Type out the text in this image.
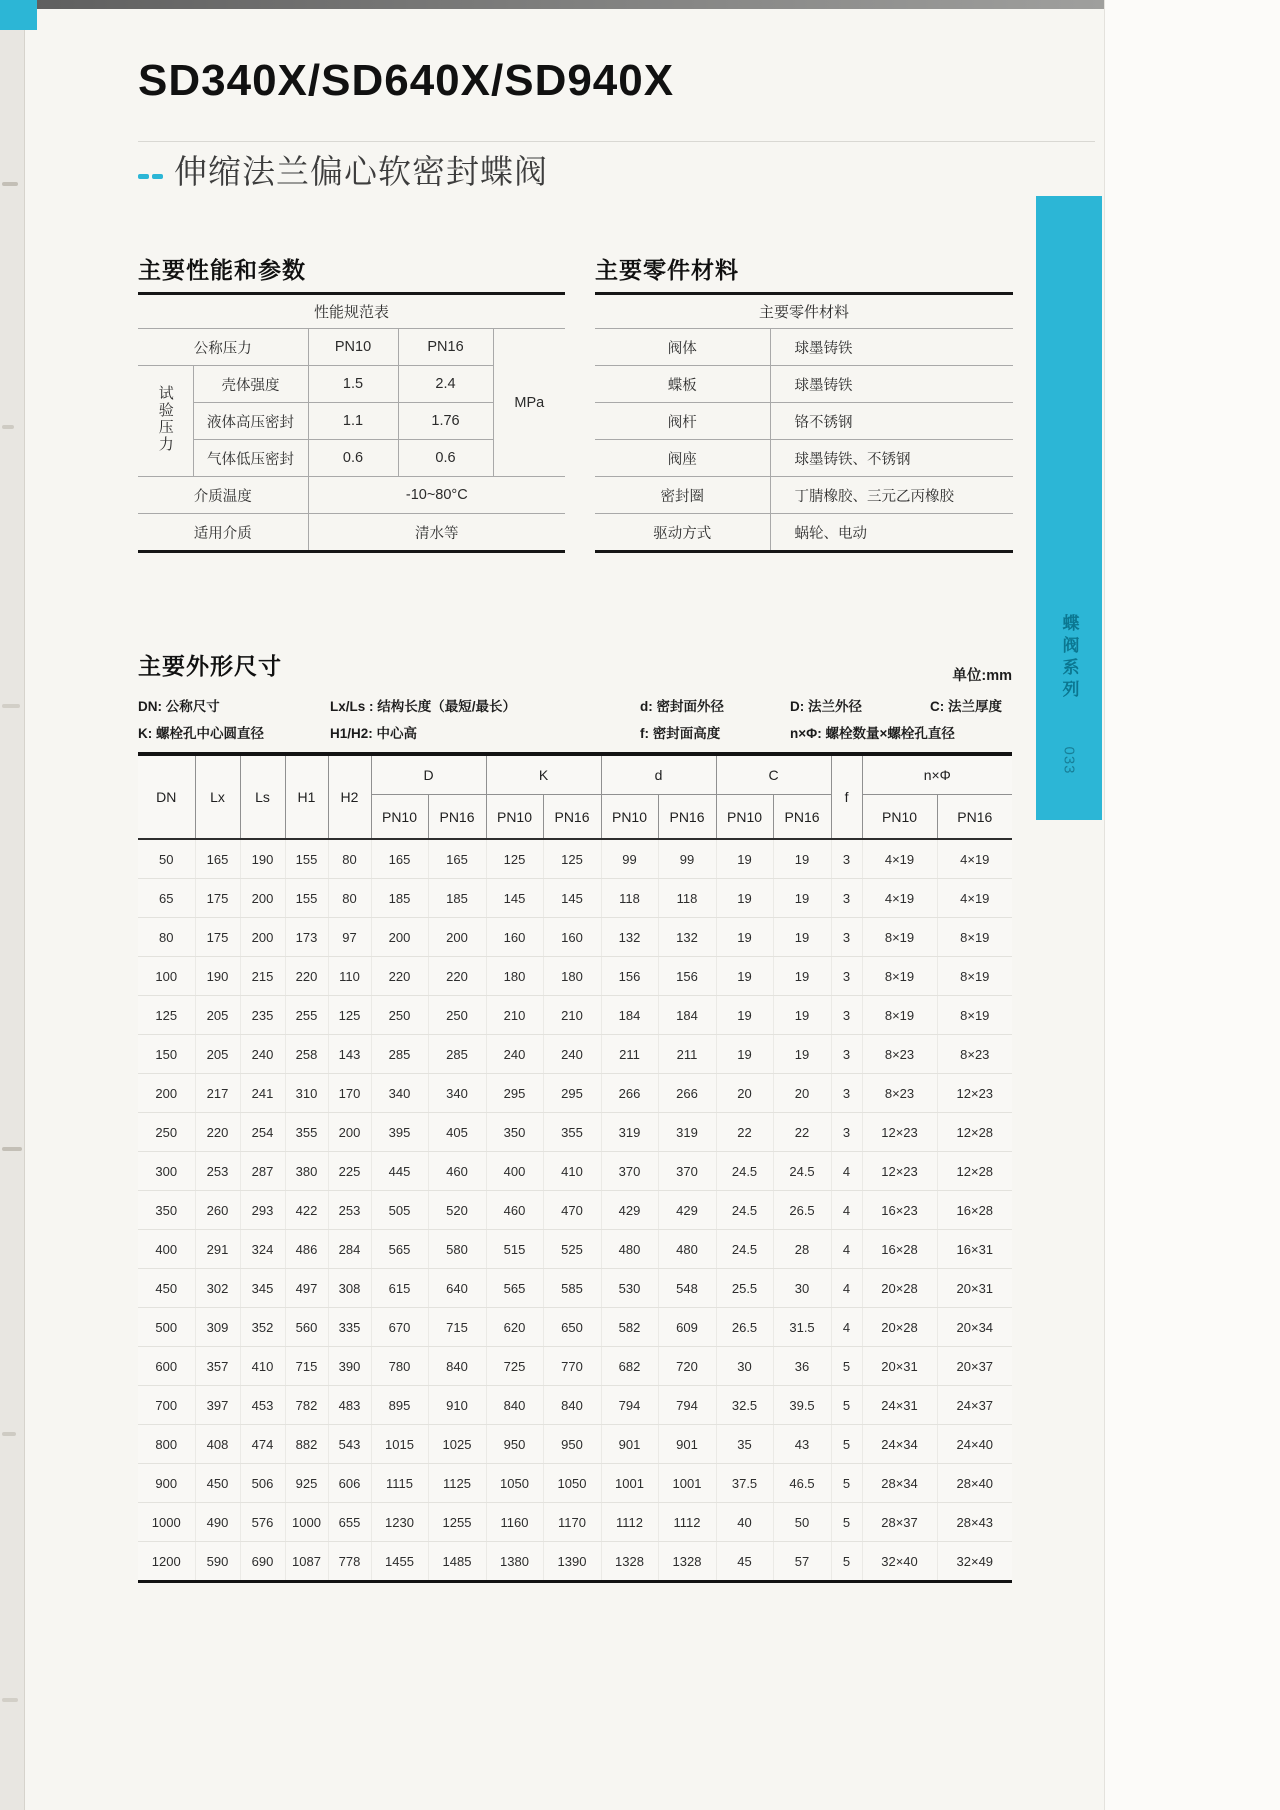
SD340X/SD640X/SD940X
伸缩法兰偏心软密封蝶阀
主要性能和参数
性能规范表				
公称压力		PN10	PN16	MPa
试验压力	壳体强度	1.5	2.4	
	液体高压密封	1.1	1.76	
	气体低压密封	0.6	0.6	
介质温度		-10~80°C		
适用介质		清水等		
主要零件材料
主要零件材料	
阀体	球墨铸铁
蝶板	球墨铸铁
阀杆	铬不锈钢
阀座	球墨铸铁、不锈钢
密封圈	丁腈橡胶、三元乙丙橡胶
驱动方式	蜗轮、电动
主要外形尺寸	单位:mm
DN: 公称尺寸	Lx/Ls : 结构长度（最短/最长）	d: 密封面外径	D: 法兰外径	C: 法兰厚度
K: 螺栓孔中心圆直径	H1/H2: 中心高	f: 密封面高度	n×Φ: 螺栓数量×螺栓孔直径
DN	Lx	Ls	H1	H2	D		K		d		C		f	n×Φ	
					PN10	PN16	PN10	PN16	PN10	PN16	PN10	PN16		PN10	PN16
50	165	190	155	80	165	165	125	125	99	99	19	19	3	4×19	4×19
65	175	200	155	80	185	185	145	145	118	118	19	19	3	4×19	4×19
80	175	200	173	97	200	200	160	160	132	132	19	19	3	8×19	8×19
100	190	215	220	110	220	220	180	180	156	156	19	19	3	8×19	8×19
125	205	235	255	125	250	250	210	210	184	184	19	19	3	8×19	8×19
150	205	240	258	143	285	285	240	240	211	211	19	19	3	8×23	8×23
200	217	241	310	170	340	340	295	295	266	266	20	20	3	8×23	12×23
250	220	254	355	200	395	405	350	355	319	319	22	22	3	12×23	12×28
300	253	287	380	225	445	460	400	410	370	370	24.5	24.5	4	12×23	12×28
350	260	293	422	253	505	520	460	470	429	429	24.5	26.5	4	16×23	16×28
400	291	324	486	284	565	580	515	525	480	480	24.5	28	4	16×28	16×31
450	302	345	497	308	615	640	565	585	530	548	25.5	30	4	20×28	20×31
500	309	352	560	335	670	715	620	650	582	609	26.5	31.5	4	20×28	20×34
600	357	410	715	390	780	840	725	770	682	720	30	36	5	20×31	20×37
700	397	453	782	483	895	910	840	840	794	794	32.5	39.5	5	24×31	24×37
800	408	474	882	543	1015	1025	950	950	901	901	35	43	5	24×34	24×40
900	450	506	925	606	1115	1125	1050	1050	1001	1001	37.5	46.5	5	28×34	28×40
1000	490	576	1000	655	1230	1255	1160	1170	1112	1112	40	50	5	28×37	28×43
1200	590	690	1087	778	1455	1485	1380	1390	1328	1328	45	57	5	32×40	32×49
蝶阀系列
033
